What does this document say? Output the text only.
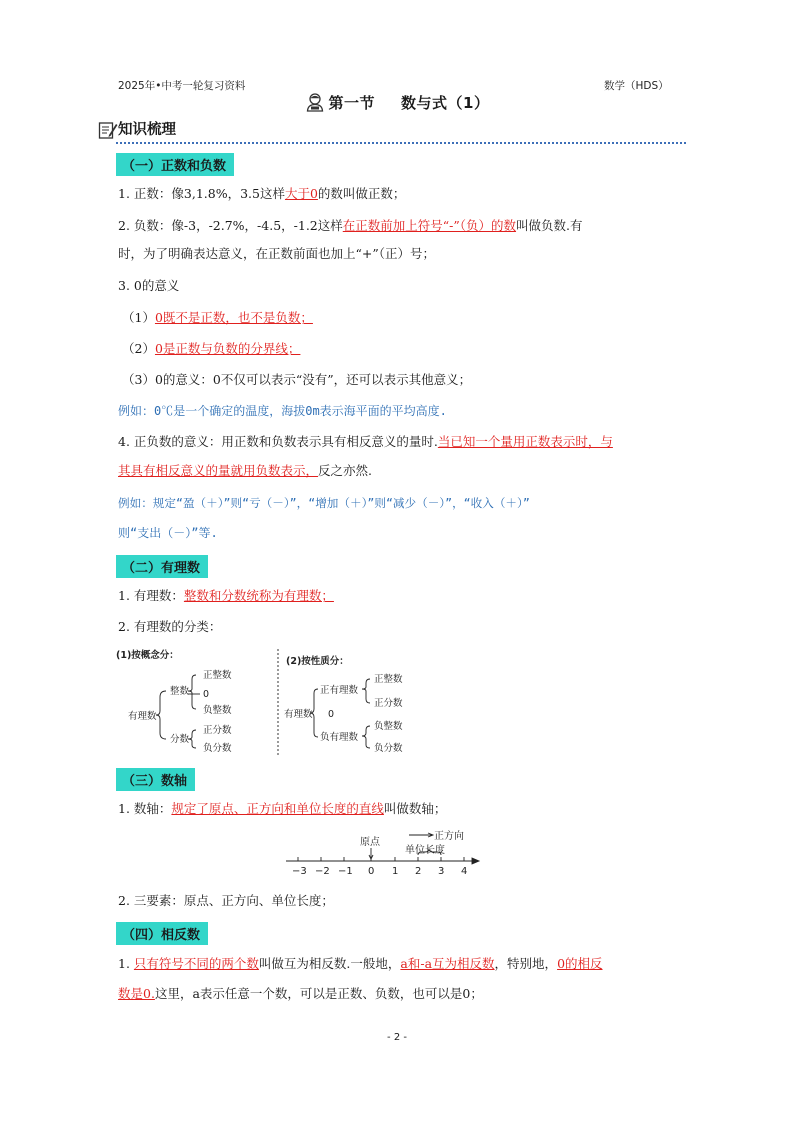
2025年•中考一轮复习资料	数学（HDS）
第一节 数与式（1）
知识梳理
（一）正数和负数
1. 正数：像3,1.8%，3.5这样大于0的数叫做正数；
2. 负数：像-3，-2.7%，-4.5，-1.2这样在正数前加上符号“-”（负）的数叫做负数.有
时，为了明确表达意义，在正数前面也加上“+”（正）号；
3. 0的意义
（1）0既不是正数，也不是负数；
（2）0是正数与负数的分界线；
（3）0的意义：0不仅可以表示“没有”，还可以表示其他意义；
例如：0℃是一个确定的温度，海拔0m表示海平面的平均高度.
4. 正负数的意义：用正数和负数表示具有相反意义的量时.当已知一个量用正数表示时，与
其具有相反意义的量就用负数表示，反之亦然.
例如：规定“盈（＋）”则“亏（－）”，“增加（＋）”则“减少（－）”，“收入（＋）”
则“支出（－）”等.
（二）有理数
1. 有理数：整数和分数统称为有理数；
2. 有理数的分类：
(1)按概念分：
有理数
整数
分数
正整数
0
负整数
正分数
负分数
(2)按性质分：
有理数
正有理数
0
负有理数
正整数
正分数
负整数
负分数
（三）数轴
1. 数轴：规定了原点、正方向和单位长度的直线叫做数轴；
原点
正方向
单位长度
−3 −2 −1 0 1 2 3 4
2. 三要素：原点、正方向、单位长度；
（四）相反数
1. 只有符号不同的两个数叫做互为相反数.一般地，a和-a互为相反数，特别地，0的相反
数是0.这里，a表示任意一个数，可以是正数、负数，也可以是0；
- 2 -
